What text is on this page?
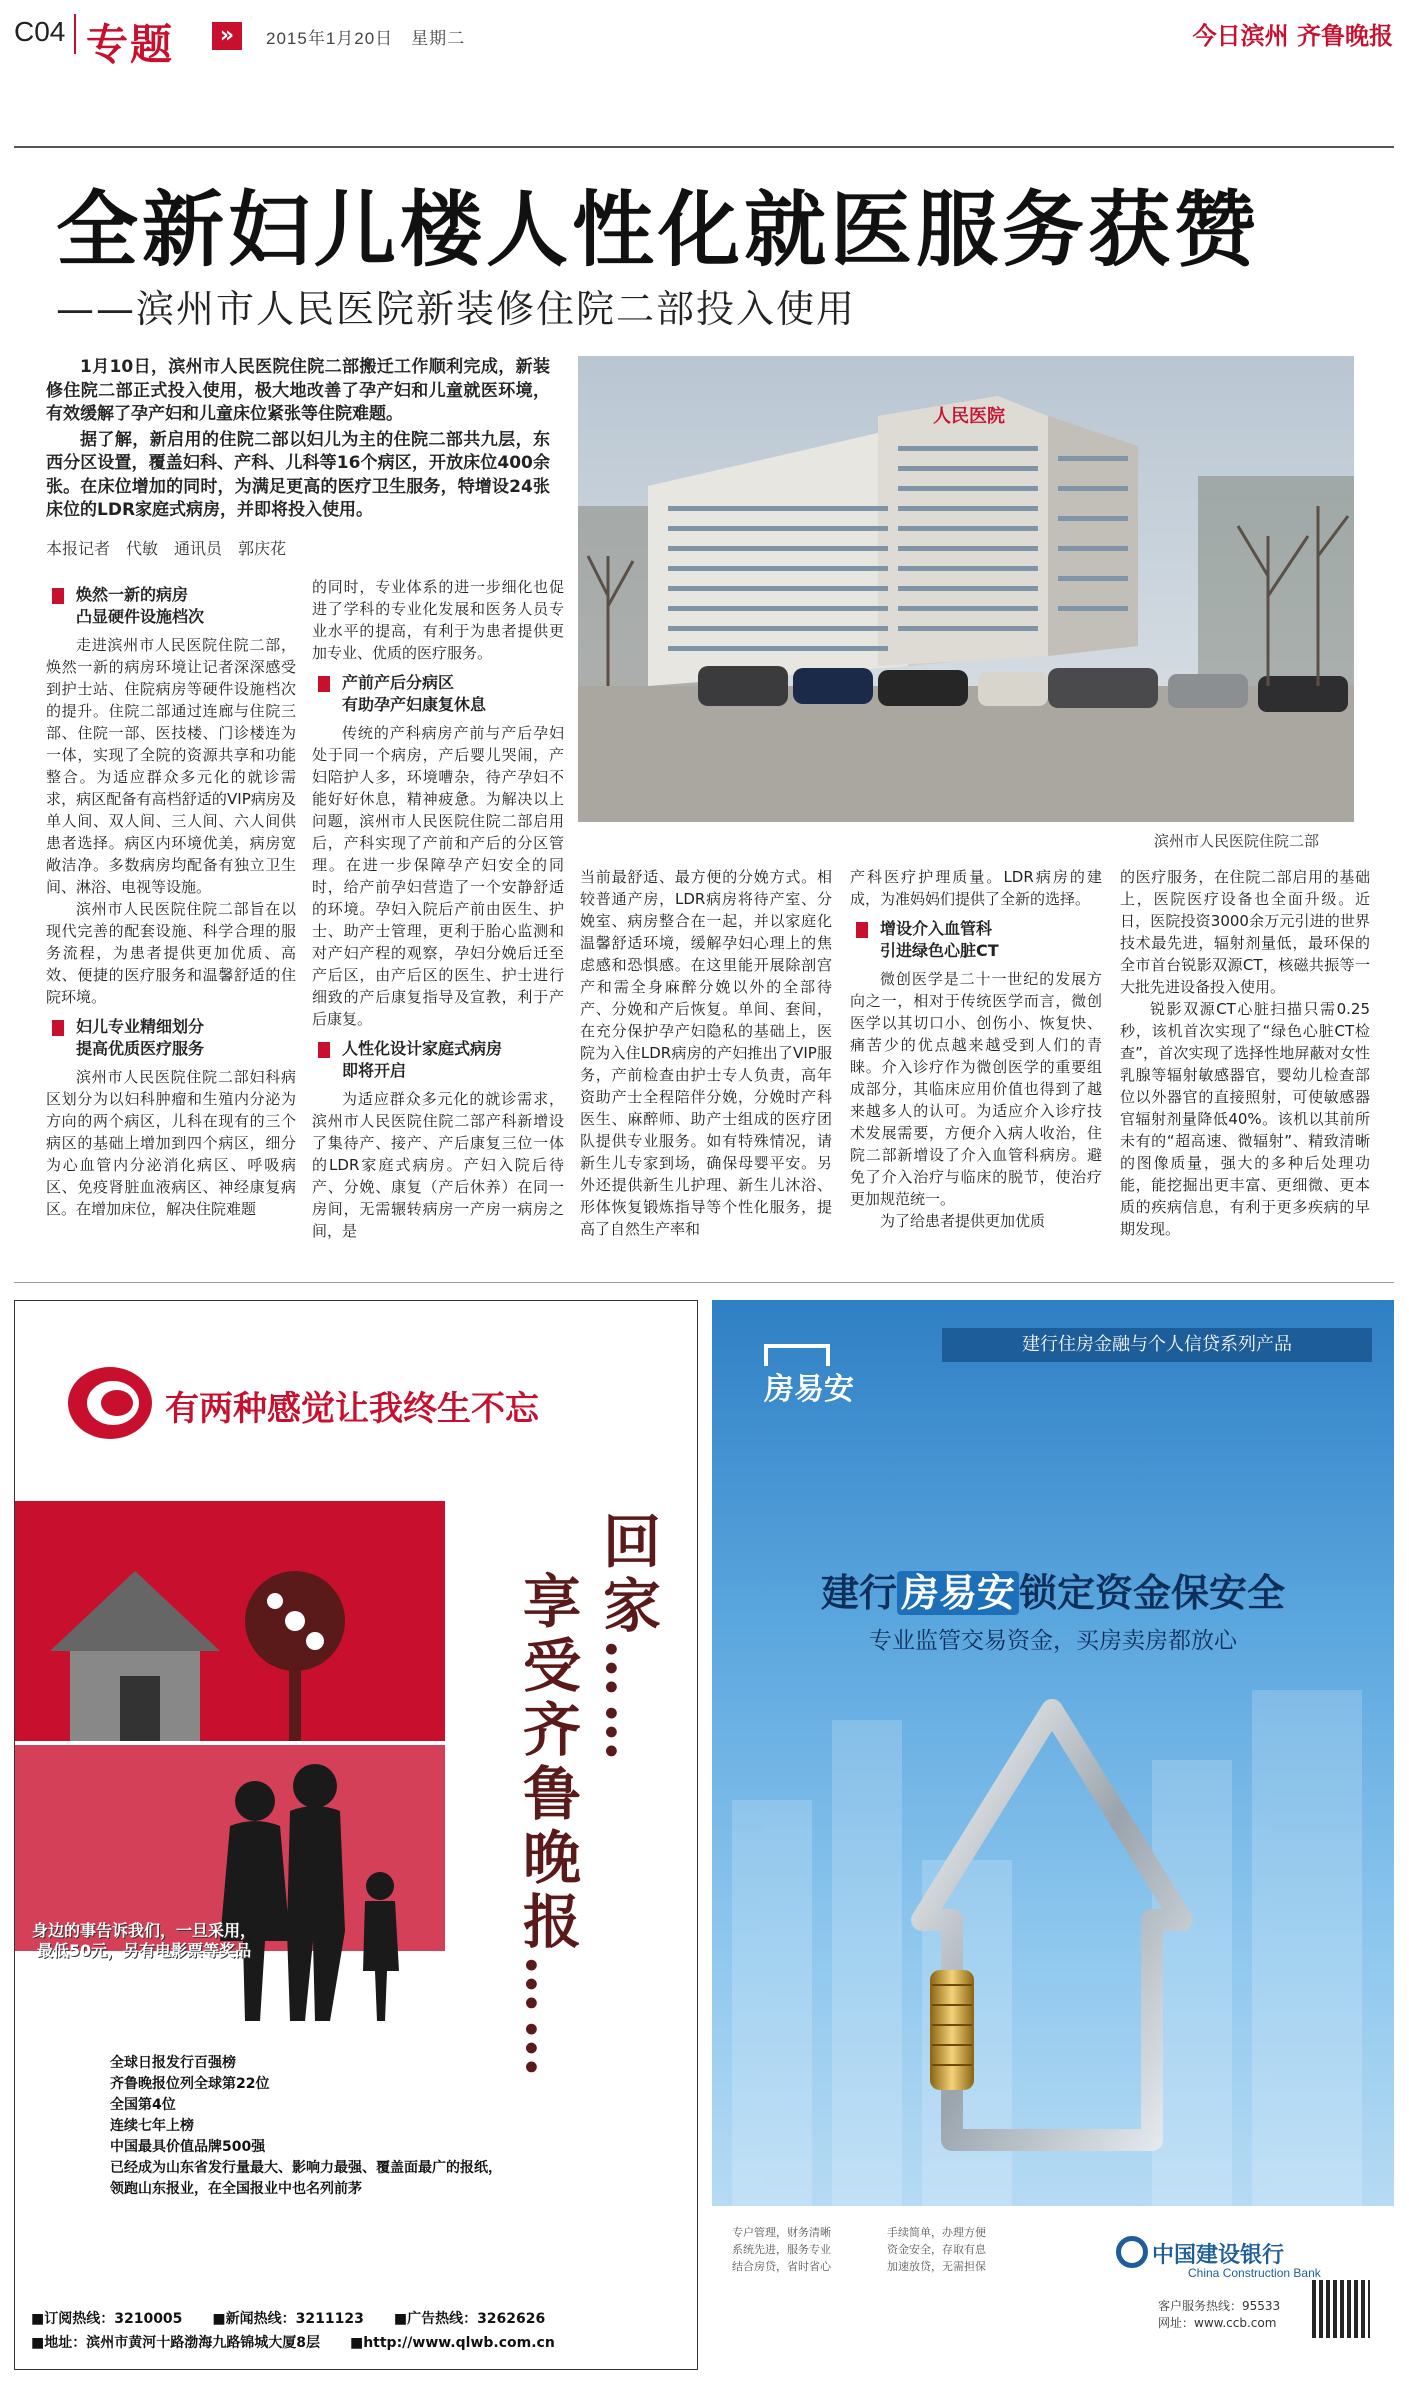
C04 专题	»	2015年1月20日　星期二	今日滨州 齐鲁晚报
全新妇儿楼人性化就医服务获赞
——滨州市人民医院新装修住院二部投入使用

1月10日，滨州市人民医院住院二部搬迁工作顺利完成，新装修住院二部正式投入使用，极大地改善了孕产妇和儿童就医环境，有效缓解了孕产妇和儿童床位紧张等住院难题。

据了解，新启用的住院二部以妇儿为主的住院二部共九层，东西分区设置，覆盖妇科、产科、儿科等16个病区，开放床位400余张。在床位增加的同时，为满足更高的医疗卫生服务，特增设24张床位的LDR家庭式病房，并即将投入使用。

本报记者　代敏　通讯员　郭庆花
人民医院
滨州市人民医院住院二部
焕然一新的病房
凸显硬件设施档次

走进滨州市人民医院住院二部，焕然一新的病房环境让记者深深感受到护士站、住院病房等硬件设施档次的提升。住院二部通过连廊与住院三部、住院一部、医技楼、门诊楼连为一体，实现了全院的资源共享和功能整合。为适应群众多元化的就诊需求，病区配备有高档舒适的VIP病房及单人间、双人间、三人间、六人间供患者选择。病区内环境优美，病房宽敞洁净。多数病房均配备有独立卫生间、淋浴、电视等设施。

滨州市人民医院住院二部旨在以现代完善的配套设施、科学合理的服务流程，为患者提供更加优质、高效、便捷的医疗服务和温馨舒适的住院环境。

妇儿专业精细划分
提高优质医疗服务

滨州市人民医院住院二部妇科病区划分为以妇科肿瘤和生殖内分泌为方向的两个病区，儿科在现有的三个病区的基础上增加到四个病区，细分为心血管内分泌消化病区、呼吸病区、免疫肾脏血液病区、神经康复病区。在增加床位，解决住院难题

的同时，专业体系的进一步细化也促进了学科的专业化发展和医务人员专业水平的提高，有利于为患者提供更加专业、优质的医疗服务。

产前产后分病区
有助孕产妇康复休息

传统的产科病房产前与产后孕妇处于同一个病房，产后婴儿哭闹，产妇陪护人多，环境嘈杂，待产孕妇不能好好休息，精神疲惫。为解决以上问题，滨州市人民医院住院二部启用后，产科实现了产前和产后的分区管理。在进一步保障孕产妇安全的同时，给产前孕妇营造了一个安静舒适的环境。孕妇入院后产前由医生、护士、助产士管理，更利于胎心监测和对产妇产程的观察，孕妇分娩后迁至产后区，由产后区的医生、护士进行细致的产后康复指导及宣教，利于产后康复。

人性化设计家庭式病房
即将开启

为适应群众多元化的就诊需求，滨州市人民医院住院二部产科新增设了集待产、接产、产后康复三位一体的LDR家庭式病房。产妇入院后待产、分娩、康复（产后休养）在同一房间，无需辗转病房一产房一病房之间，是

当前最舒适、最方便的分娩方式。相较普通产房，LDR病房将待产室、分娩室、病房整合在一起，并以家庭化温馨舒适环境，缓解孕妇心理上的焦虑感和恐惧感。在这里能开展除剖宫产和需全身麻醉分娩以外的全部待产、分娩和产后恢复。单间、套间，在充分保护孕产妇隐私的基础上，医院为入住LDR病房的产妇推出了VIP服务，产前检查由护士专人负责，高年资助产士全程陪伴分娩，分娩时产科医生、麻醉师、助产士组成的医疗团队提供专业服务。如有特殊情况，请新生儿专家到场，确保母婴平安。另外还提供新生儿护理、新生儿沐浴、形体恢复锻炼指导等个性化服务，提高了自然生产率和

产科医疗护理质量。LDR病房的建成，为准妈妈们提供了全新的选择。

增设介入血管科
引进绿色心脏CT

微创医学是二十一世纪的发展方向之一，相对于传统医学而言，微创医学以其切口小、创伤小、恢复快、痛苦少的优点越来越受到人们的青睐。介入诊疗作为微创医学的重要组成部分，其临床应用价值也得到了越来越多人的认可。为适应介入诊疗技术发展需要，方便介入病人收治，住院二部新增设了介入血管科病房。避免了介入治疗与临床的脱节，使治疗更加规范统一。

为了给患者提供更加优质

的医疗服务，在住院二部启用的基础上，医院医疗设备也全面升级。近日，医院投资3000余万元引进的世界技术最先进，辐射剂量低，最环保的全市首台锐影双源CT，核磁共振等一大批先进设备投入使用。

锐影双源CT心脏扫描只需0.25秒，该机首次实现了“绿色心脏CT检查”，首次实现了选择性地屏蔽对女性乳腺等辐射敏感器官，婴幼儿检查部位以外器官的直接照射，可使敏感器官辐射剂量降低40%。该机以其前所未有的“超高速、微辐射”、精致清晰的图像质量，强大的多种后处理功能，能挖掘出更丰富、更细微、更本质的疾病信息，有利于更多疾病的早期发现。

有两种感觉让我终生不忘
回家……
享受齐鲁晚报……
身边的事告诉我们，一旦采用，最低50元，另有电影票等奖品
全球日报发行百强榜
齐鲁晚报位列全球第22位
全国第4位
连续七年上榜
中国最具价值品牌500强
已经成为山东省发行量最大、影响力最强、覆盖面最广的报纸，
领跑山东报业，在全国报业中也名列前茅
■订阅热线：3210005 ■新闻热线：3211123 ■广告热线：3262626
■地址：滨州市黄河十路渤海九路锦城大厦8层 ■http://www.qlwb.com.cn
建行住房金融与个人信贷系列产品
房易安
建行 房易安 锁定资金保安全
专业监管交易资金，买房卖房都放心
专户管理，财务清晰	手续简单，办理方便
系统先进，服务专业	资金安全，存取有息
结合房贷，省时省心	加速放贷，无需担保	中国建设银行
China Construction Bank
客户服务热线：95533
网址：www.ccb.com
